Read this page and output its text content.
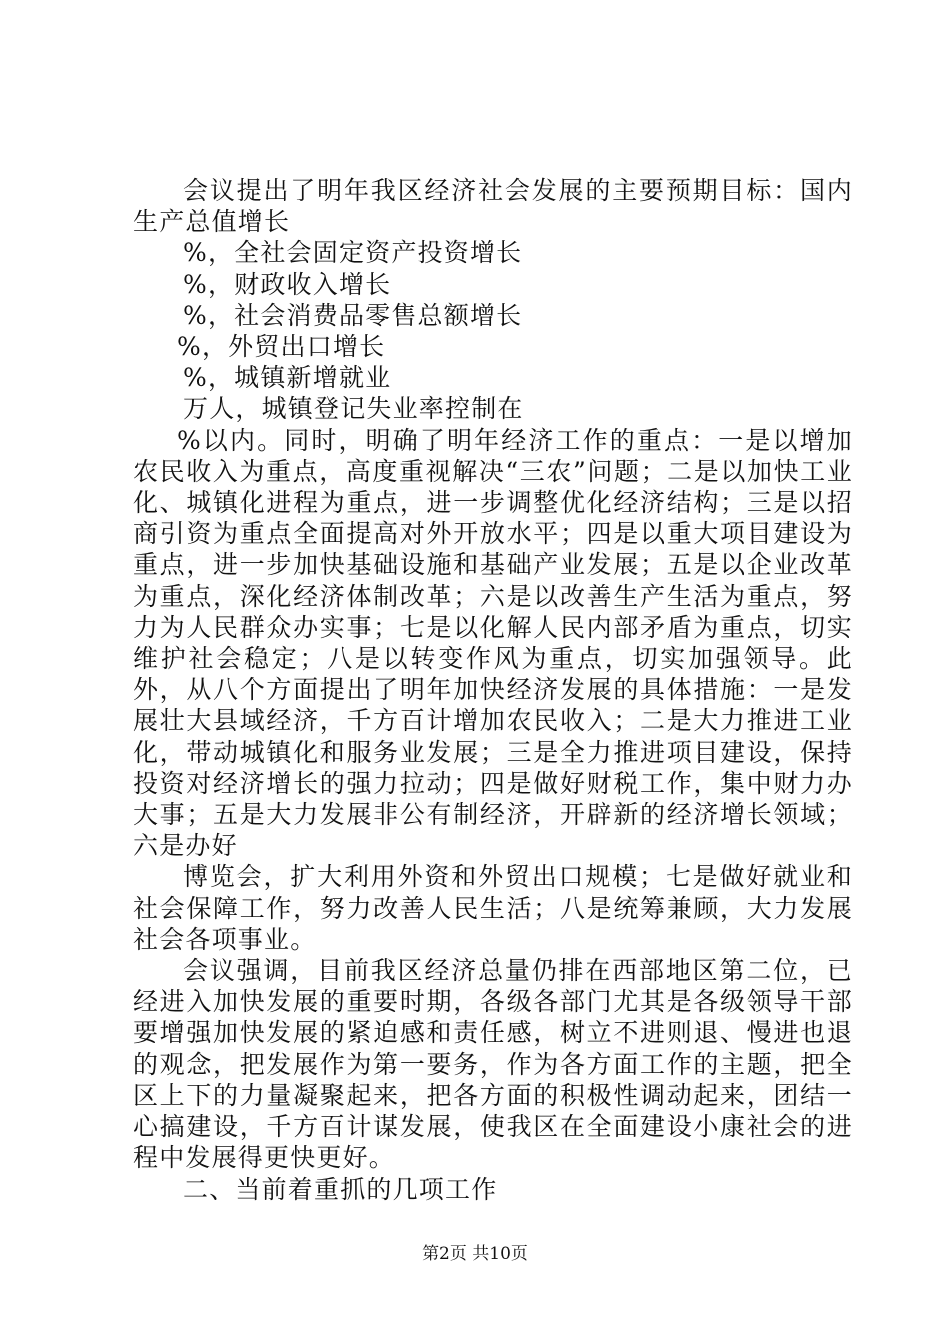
会议提出了明年我区经济社会发展的主要预期目标：国内生产总值增长

%，全社会固定资产投资增长

%，财政收入增长

%，社会消费品零售总额增长

%，外贸出口增长

%，城镇新增就业

万人，城镇登记失业率控制在

%以内。同时，明确了明年经济工作的重点：一是以增加农民收入为重点，高度重视解决“三农”问题；二是以加快工业化、城镇化进程为重点，进一步调整优化经济结构；三是以招商引资为重点全面提高对外开放水平；四是以重大项目建设为重点，进一步加快基础设施和基础产业发展；五是以企业改革为重点，深化经济体制改革；六是以改善生产生活为重点，努力为人民群众办实事；七是以化解人民内部矛盾为重点，切实维护社会稳定；八是以转变作风为重点，切实加强领导。此外，从八个方面提出了明年加快经济发展的具体措施：一是发展壮大县域经济，千方百计增加农民收入；二是大力推进工业化，带动城镇化和服务业发展；三是全力推进项目建设，保持投资对经济增长的强力拉动；四是做好财税工作，集中财力办大事；五是大力发展非公有制经济，开辟新的经济增长领域；六是办好

博览会，扩大利用外资和外贸出口规模；七是做好就业和社会保障工作，努力改善人民生活；八是统筹兼顾，大力发展社会各项事业。

会议强调，目前我区经济总量仍排在西部地区第二位，已经进入加快发展的重要时期，各级各部门尤其是各级领导干部要增强加快发展的紧迫感和责任感，树立不进则退、慢进也退的观念，把发展作为第一要务，作为各方面工作的主题，把全区上下的力量凝聚起来，把各方面的积极性调动起来，团结一心搞建设，千方百计谋发展，使我区在全面建设小康社会的进程中发展得更快更好。

二、当前着重抓的几项工作

第2页 共10页
